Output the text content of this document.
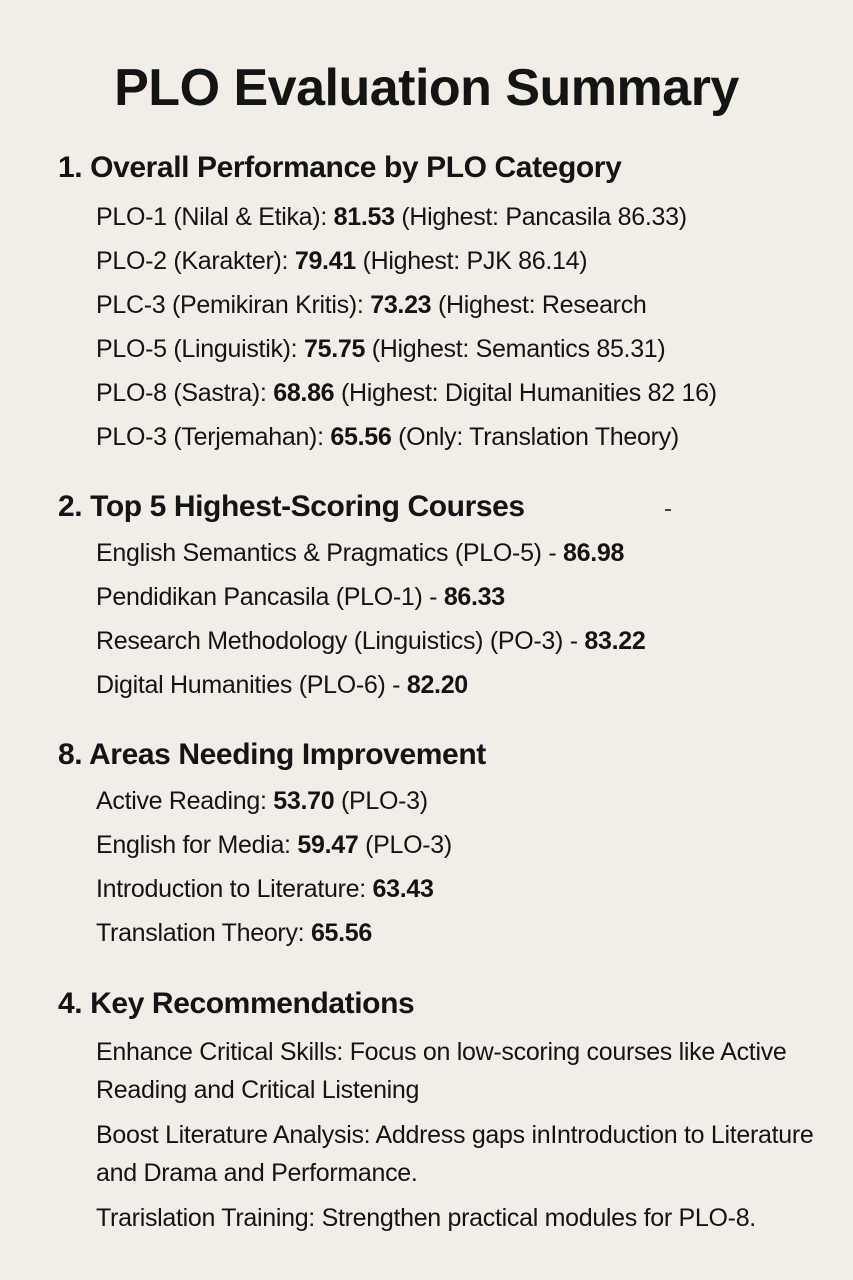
PLO Evaluation Summary
1. Overall Performance by PLO Category
PLO-1 (Nilal & Etika): 81.53 (Highest: Pancasila 86.33)
PLO-2 (Karakter): 79.41 (Highest: PJK 86.14)
PLC-3 (Pemikiran Kritis): 73.23 (Highest: Research
PLO-5 (Linguistik): 75.75 (Highest: Semantics 85.31)
PLO-8 (Sastra): 68.86 (Highest: Digital Humanities 82 16)
PLO-3 (Terjemahan): 65.56 (Only: Translation Theory)
2. Top 5 Highest-Scoring Courses
English Semantics & Pragmatics (PLO-5) - 86.98
Pendidikan Pancasila (PLO-1) - 86.33
Research Methodology (Linguistics) (PO-3) - 83.22
Digital Humanities (PLO-6) - 82.20
8. Areas Needing Improvement
Active Reading: 53.70 (PLO-3)
English for Media: 59.47 (PLO-3)
Introduction to Literature: 63.43
Translation Theory: 65.56
4. Key Recommendations
Enhance Critical Skills: Focus on low-scoring courses like Active Reading and Critical Listening
Boost Literature Analysis: Address gaps inIntroduction to Literature and Drama and Performance.
Trarislation Training: Strengthen practical modules for PLO-8.
